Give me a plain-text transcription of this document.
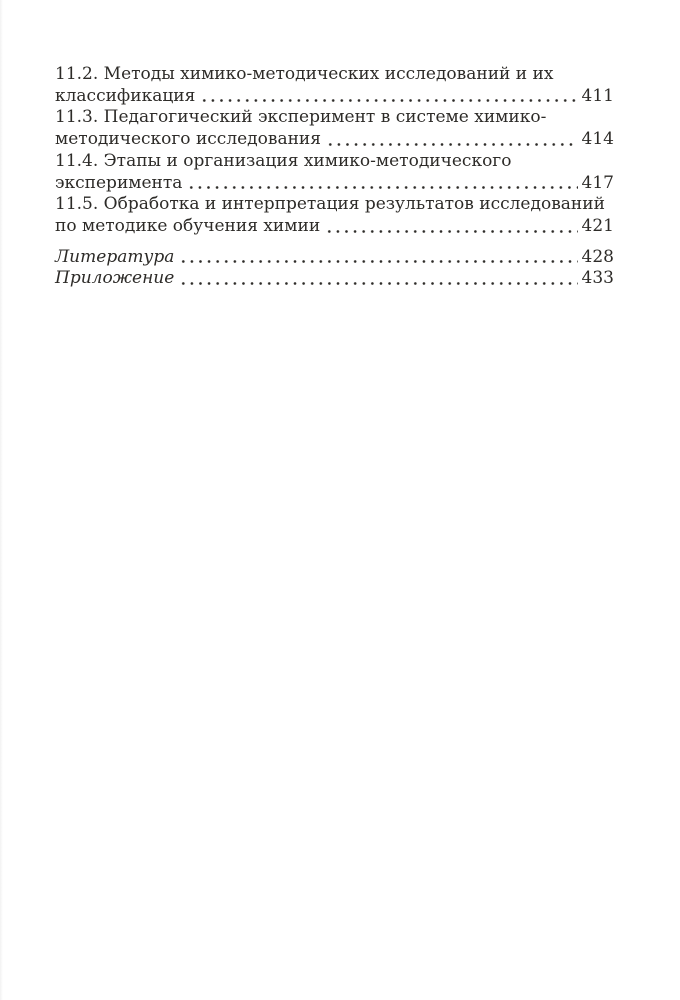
11.2. Методы химико-методических исследований и их
классификация	411
11.3. Педагогический эксперимент в системе химико-
методического исследования	414
11.4. Этапы и организация химико-методического
эксперимента	417
11.5. Обработка и интерпретация результатов исследований
по методике обучения химии	421
Литература	428
Приложение	433
